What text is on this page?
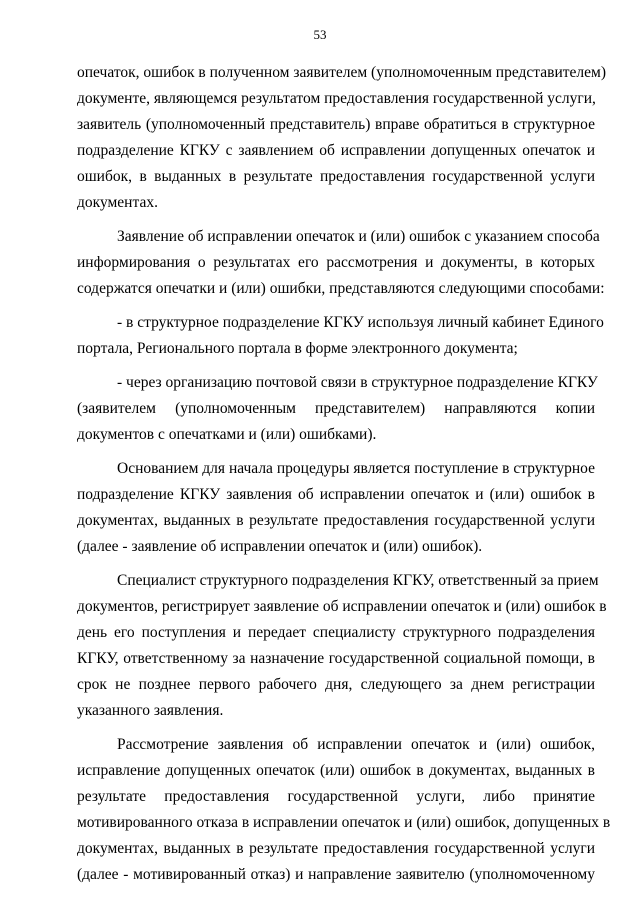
53
опечаток, ошибок в полученном заявителем (уполномоченным представителем)
документе, являющемся результатом предоставления государственной услуги,
заявитель (уполномоченный представитель) вправе обратиться в структурное
подразделение КГКУ с заявлением об исправлении допущенных опечаток и
ошибок, в выданных в результате предоставления государственной услуги
документах.
Заявление об исправлении опечаток и (или) ошибок с указанием способа
информирования о результатах его рассмотрения и документы, в которых
содержатся опечатки и (или) ошибки, представляются следующими способами:
- в структурное подразделение КГКУ используя личный кабинет Единого
портала, Регионального портала в форме электронного документа;
- через организацию почтовой связи в структурное подразделение КГКУ
(заявителем (уполномоченным представителем) направляются копии
документов с опечатками и (или) ошибками).
Основанием для начала процедуры является поступление в структурное
подразделение КГКУ заявления об исправлении опечаток и (или) ошибок в
документах, выданных в результате предоставления государственной услуги
(далее - заявление об исправлении опечаток и (или) ошибок).
Специалист структурного подразделения КГКУ, ответственный за прием
документов, регистрирует заявление об исправлении опечаток и (или) ошибок в
день его поступления и передает специалисту структурного подразделения
КГКУ, ответственному за назначение государственной социальной помощи, в
срок не позднее первого рабочего дня, следующего за днем регистрации
указанного заявления.
Рассмотрение заявления об исправлении опечаток и (или) ошибок,
исправление допущенных опечаток (или) ошибок в документах, выданных в
результате предоставления государственной услуги, либо принятие
мотивированного отказа в исправлении опечаток и (или) ошибок, допущенных в
документах, выданных в результате предоставления государственной услуги
(далее - мотивированный отказ) и направление заявителю (уполномоченному
